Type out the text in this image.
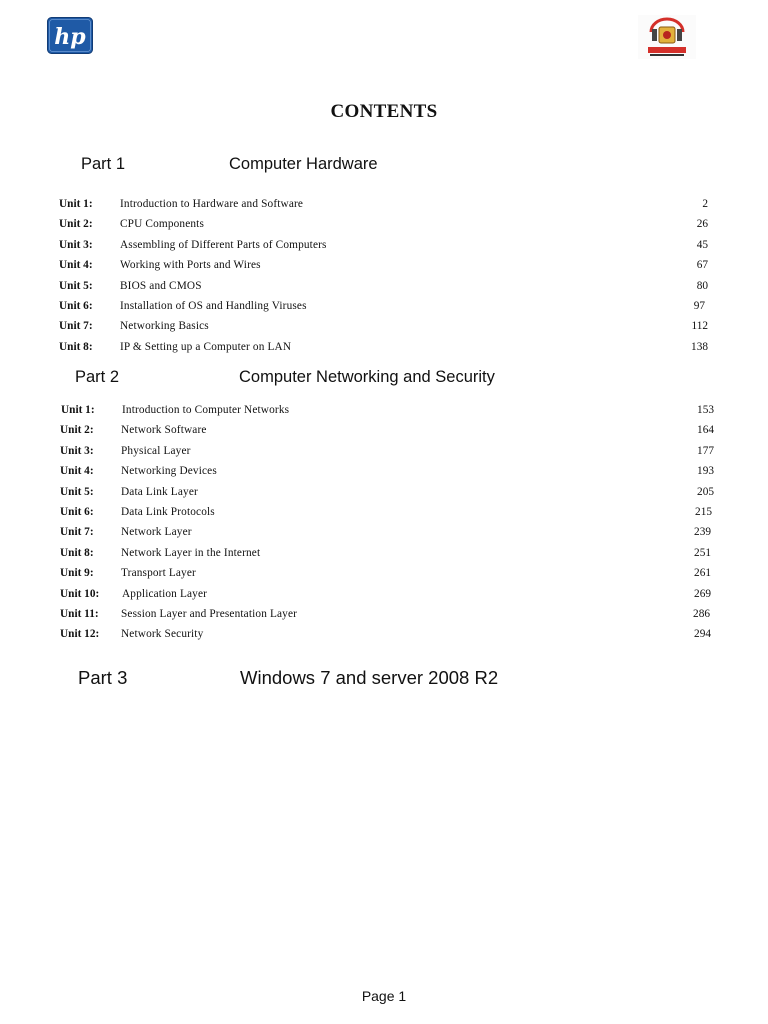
hp
CONTENTS
Part 1	Computer Hardware
Unit 1: Introduction to Hardware and Software	2
Unit 2: CPU Components	26
Unit 3: Assembling of Different Parts of Computers	45
Unit 4: Working with Ports and Wires	67
Unit 5: BIOS and CMOS	80
Unit 6: Installation of OS and Handling Viruses	97
Unit 7: Networking Basics	112
Unit 8: IP & Setting up a Computer on LAN	138
Part 2	Computer Networking and Security
Unit 1: Introduction to Computer Networks	153
Unit 2: Network Software	164
Unit 3: Physical Layer	177
Unit 4: Networking Devices	193
Unit 5: Data Link Layer	205
Unit 6: Data Link Protocols	215
Unit 7: Network Layer	239
Unit 8: Network Layer in the Internet	251
Unit 9: Transport Layer	261
Unit 10: Application Layer	269
Unit 11: Session Layer and Presentation Layer	286
Unit 12: Network Security	294
Part 3	Windows 7 and server 2008 R2
Page 1
